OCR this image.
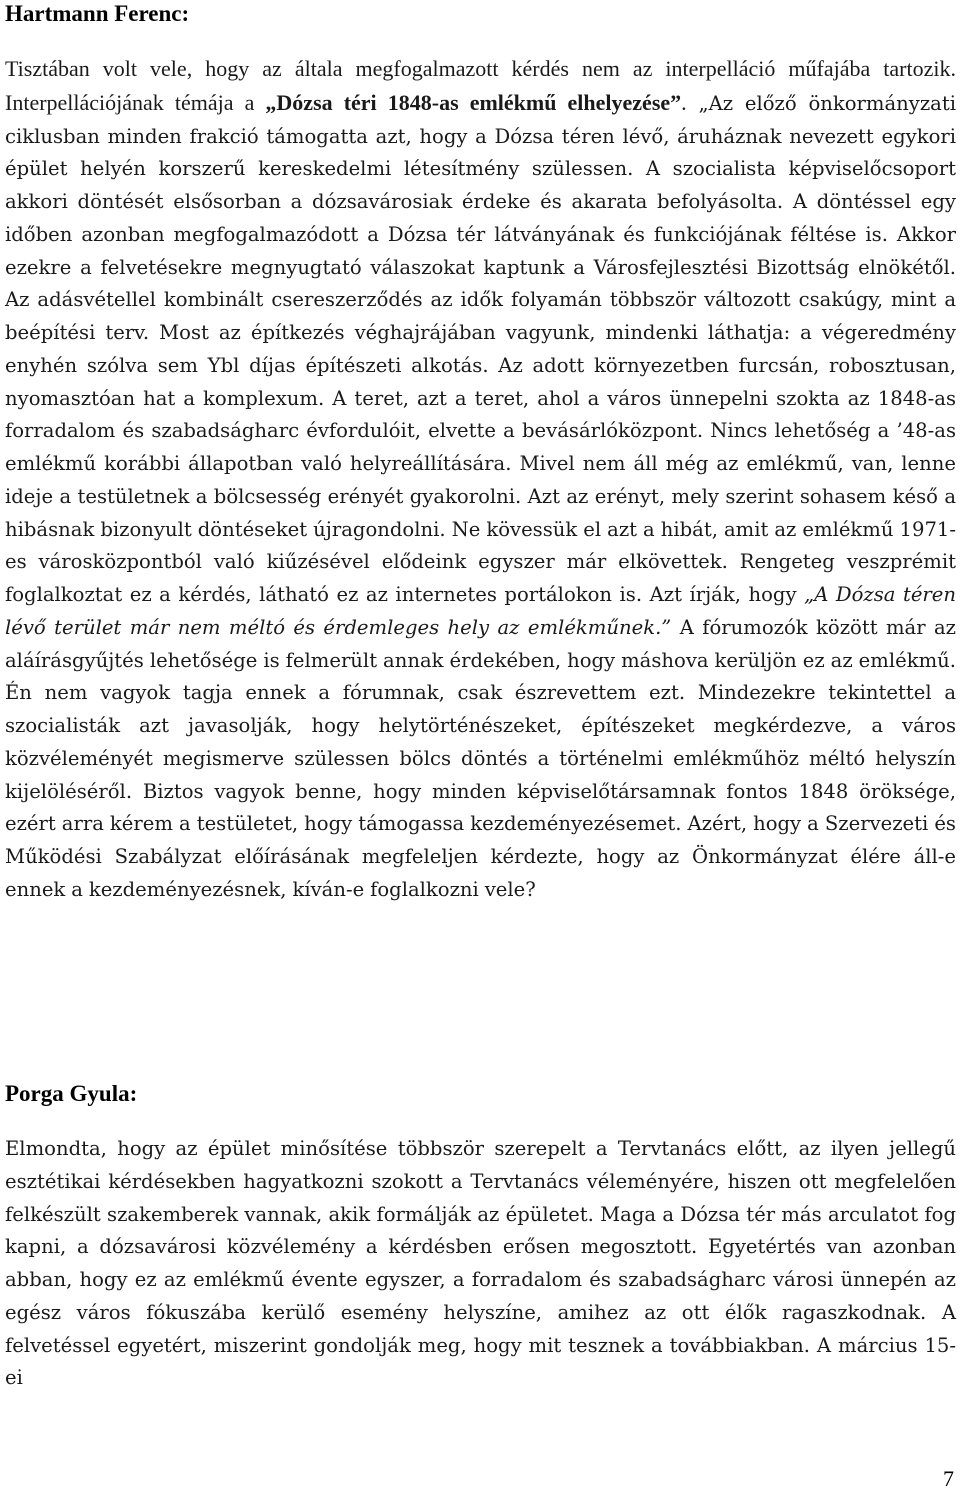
Hartmann Ferenc:

Tisztában volt vele, hogy az általa megfogalmazott kérdés nem az interpelláció műfajába tartozik. Interpellációjának témája a „Dózsa téri 1848-as emlékmű elhelyezése”. „Az előző önkormányzati ciklusban minden frakció támogatta azt, hogy a Dózsa téren lévő, áruháznak nevezett egykori épület helyén korszerű kereskedelmi létesítmény szülessen. A szocialista képviselőcsoport akkori döntését elsősorban a dózsavárosiak érdeke és akarata befolyásolta. A döntéssel egy időben azonban megfogalmazódott a Dózsa tér látványának és funkciójának féltése is. Akkor ezekre a felvetésekre megnyugtató válaszokat kaptunk a Városfejlesztési Bizottság elnökétől. Az adásvétellel kombinált csereszerződés az idők folyamán többször változott csakúgy, mint a beépítési terv. Most az építkezés véghajrájában vagyunk, mindenki láthatja: a végeredmény enyhén szólva sem Ybl díjas építészeti alkotás. Az adott környezetben furcsán, robosztusan, nyomasztóan hat a komplexum. A teret, azt a teret, ahol a város ünnepelni szokta az 1848-as forradalom és szabadságharc évfordulóit, elvette a bevásárlóközpont. Nincs lehetőség a ’48-as emlékmű korábbi állapotban való helyreállítására. Mivel nem áll még az emlékmű, van, lenne ideje a testületnek a bölcsesség erényét gyakorolni. Azt az erényt, mely szerint sohasem késő a hibásnak bizonyult döntéseket újragondolni. Ne kövessük el azt a hibát, amit az emlékmű 1971-es városközpontból való kiűzésével elődeink egyszer már elkövettek. Rengeteg veszprémit foglalkoztat ez a kérdés, látható ez az internetes portálokon is. Azt írják, hogy „A Dózsa téren lévő terület már nem méltó és érdemleges hely az emlékműnek.” A fórumozók között már az aláírásgyűjtés lehetősége is felmerült annak érdekében, hogy máshova kerüljön ez az emlékmű. Én nem vagyok tagja ennek a fórumnak, csak észrevettem ezt. Mindezekre tekintettel a szocialisták azt javasolják, hogy helytörténészeket, építészeket megkérdezve, a város közvéleményét megismerve szülessen bölcs döntés a történelmi emlékműhöz méltó helyszín kijelöléséről. Biztos vagyok benne, hogy minden képviselőtársamnak fontos 1848 öröksége, ezért arra kérem a testületet, hogy támogassa kezdeményezésemet. Azért, hogy a Szervezeti és Működési Szabályzat előírásának megfeleljen kérdezte, hogy az Önkormányzat élére áll-e ennek a kezdeményezésnek, kíván-e foglalkozni vele?

Porga Gyula:

Elmondta, hogy az épület minősítése többször szerepelt a Tervtanács előtt, az ilyen jellegű esztétikai kérdésekben hagyatkozni szokott a Tervtanács véleményére, hiszen ott megfelelően felkészült szakemberek vannak, akik formálják az épületet. Maga a Dózsa tér más arculatot fog kapni, a dózsavárosi közvélemény a kérdésben erősen megosztott. Egyetértés van azonban abban, hogy ez az emlékmű évente egyszer, a forradalom és szabadságharc városi ünnepén az egész város fókuszába kerülő esemény helyszíne, amihez az ott élők ragaszkodnak. A felvetéssel egyetért, miszerint gondolják meg, hogy mit tesznek a továbbiakban. A március 15-ei

7
